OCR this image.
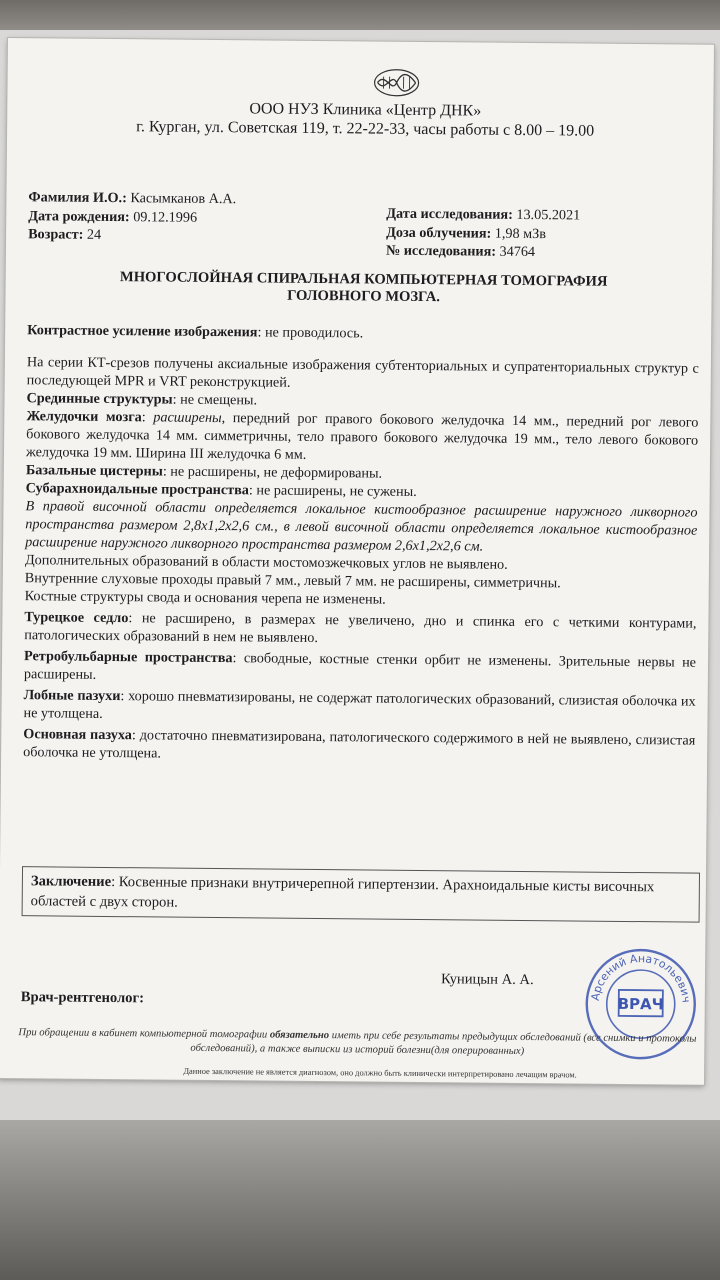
ООО НУЗ Клиника «Центр ДНК»
г. Курган, ул. Советская 119, т. 22-22-33, часы работы с 8.00 – 19.00
Фамилия И.О.: Касымканов А.А.
Дата рождения: 09.12.1996
Возраст: 24
Дата исследования: 13.05.2021
Доза облучения: 1,98 мЗв
№ исследования: 34764
МНОГОСЛОЙНАЯ СПИРАЛЬНАЯ КОМПЬЮТЕРНАЯ ТОМОГРАФИЯ
ГОЛОВНОГО МОЗГА.

Контрастное усиление изображения: не проводилось.

На серии КТ-срезов получены аксиальные изображения субтенториальных и супратенториальных структур с последующей MPR и VRT реконструкцией.

Срединные структуры: не смещены.

Желудочки мозга: расширены, передний рог правого бокового желудочка 14 мм., передний рог левого бокового желудочка 14 мм. симметричны, тело правого бокового желудочка 19 мм., тело левого бокового желудочка 19 мм. Ширина III желудочка 6 мм.

Базальные цистерны: не расширены, не деформированы.

Субарахноидальные пространства: не расширены, не сужены.

В правой височной области определяется локальное кистообразное расширение наружного ликворного пространства размером 2,8х1,2х2,6 см., в левой височной области определяется локальное кистообразное расширение наружного ликворного пространства размером 2,6х1,2х2,6 см.

Дополнительных образований в области мостомозжечковых углов не выявлено.

Внутренние слуховые проходы правый 7 мм., левый 7 мм. не расширены, симметричны.

Костные структуры свода и основания черепа не изменены.

Турецкое седло: не расширено, в размерах не увеличено, дно и спинка его с четкими контурами, патологических образований в нем не выявлено.

Ретробульбарные пространства: свободные, костные стенки орбит не изменены. Зрительные нервы не расширены.

Лобные пазухи: хорошо пневматизированы, не содержат патологических образований, слизистая оболочка их не утолщена.

Основная пазуха: достаточно пневматизирована, патологического содержимого в ней не выявлено, слизистая оболочка не утолщена.

Заключение: Косвенные признаки внутричерепной гипертензии. Арахноидальные кисты височных областей с двух сторон.
Куницын А. А.
Врач-рентгенолог:	Арсений Анатольевич
ВРАЧ
При обращении в кабинет компьютерной томографии обязательно иметь при себе результаты предыдущих обследований (все снимки и протоколы обследований), а также выписки из историй болезни(для оперированных)
Данное заключение не является диагнозом, оно должно быть клинически интерпретировано лечащим врачом.
